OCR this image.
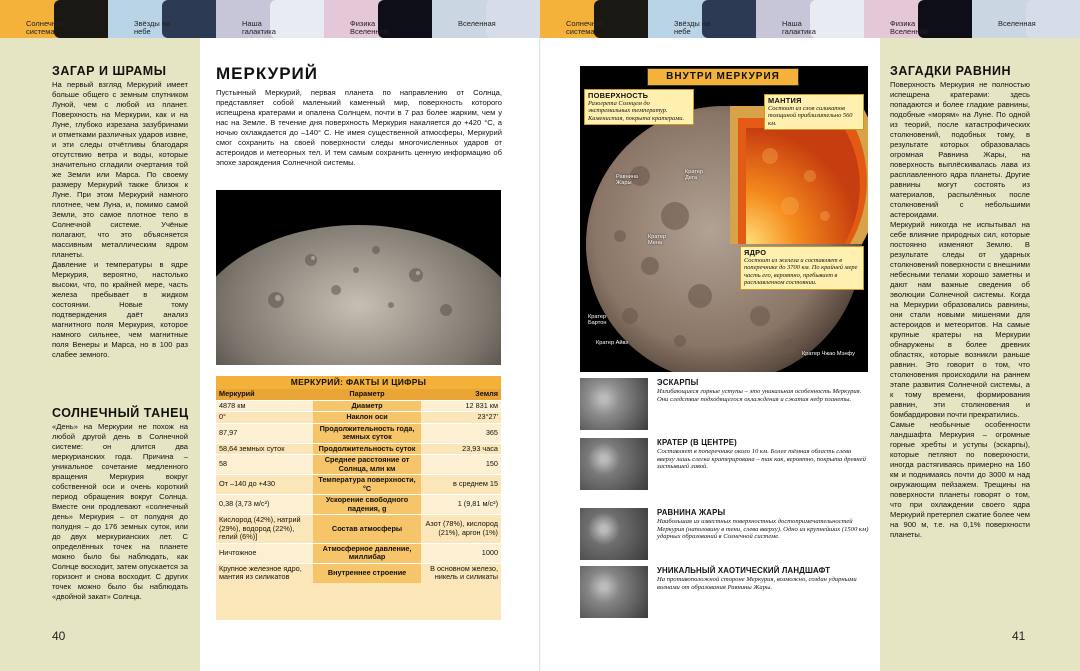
Солнечная система
Звёзды на небе
Наша галактика
Физика Вселенной
Вселенная	Солнечная система
Звёзды на небе
Наша галактика
Физика Вселенной
Вселенная
ЗАГАР И ШРАМЫ

На первый взгляд Меркурий имеет больше общего с земным спутником Луной, чем с любой из планет. Поверхность на Меркурии, как и на Луне, глубоко изрезана зазубринами и отметками различных ударов извне, и эти следы отчётливы благодаря отсутствию ветра и воды, которые значительно сгладили очертания той же Земли или Марса. По своему размеру Меркурий также близок к Луне. При этом Меркурий намного плотнее, чем Луна, и, помимо самой Земли, это самое плотное тело в Солнечной системе. Учёные полагают, что это объясняется массивным металлическим ядром планеты.

Давление и температуры в ядре Меркурия, вероятно, настолько высоки, что, по крайней мере, часть железа пребывает в жидком состоянии. Новые тому подтверждения даёт анализ магнитного поля Меркурия, которое намного сильнее, чем магнитные поля Венеры и Марса, но в 100 раз слабее земного.

СОЛНЕЧНЫЙ ТАНЕЦ

«День» на Меркурии не похож на любой другой день в Солнечной системе: он длится два меркурианских года. Причина – уникальное сочетание медленного вращения Меркурия вокруг собственной оси и очень короткий период обращения вокруг Солнца. Вместе они продлевают «солнечный день» Меркурия – от полудня до полудня – до 176 земных суток, или до двух меркурианских лет. С определённых точек на планете можно было бы наблюдать, как Солнце восходит, затем опускается за горизонт и снова восходит. С других точек можно было бы наблюдать «двойной закат» Солнца.

40
МЕРКУРИЙ
Пустынный Меркурий, первая планета по направлению от Солнца, представляет собой маленький каменный мир, поверхность которого испещрена кратерами и опалена Солнцем, почти в 7 раз более жарким, чем у нас на Земле. В течение дня поверхность Меркурия накаляется до +420 °C, а ночью охлаждается до –140° C. Не имея существенной атмосферы, Меркурий смог сохранить на своей поверхности следы многочисленных ударов от астероидов и метеорных тел. И тем самым сохранить ценную информацию об эпохе зарождения Солнечной системы.
МЕРКУРИЙ: ФАКТЫ И ЦИФРЫ
Меркурий	Параметр	Земля
4878 км	Диаметр	12 831 км
0°	Наклон оси	23°27'
87,97	Продолжительность года, земных суток	365
58,64 земных суток	Продолжительность суток	23,93 часа
58	Среднее расстояние от Солнца, млн км	150
От –140 до +430	Температура поверхности, °С	в среднем 15
0,38 (3,73 м/с²)	Ускорение свободного падения, g	1 (9,81 м/с²)
Кислород (42%), натрий (29%), водород (22%), гелий (6%)]	Состав атмосферы	Азот (78%), кислород (21%), аргон (1%)
Ничтожное	Атмосферное давление, миллибар	1000
Крупное железное ядро, мантия из силикатов	Внутреннее строение	В основном железо, никель и силикаты
ПОВЕРХНОСТЬ
Разогрета Солнцем до экстремальных температур. Каменистая, покрыта кратерами.
МАНТИЯ
Состоит из слоя силикатов толщиной приблизительно 560 км.
ЯДРО
Состоит из железа и составляет в поперечнике до 3700 км. По крайней мере часть его, вероятно, пребывает в расплавленном состоянии.
Равнина Жары
Кратер Дега
Кратер Мена
Кратер Бартон
Кратер Айвз
Кратер Чжао Мэнфу
ВНУТРИ МЕРКУРИЯ
ЭСКАРПЫ
Изгибающиеся горные уступы – это уникальная особенность Меркурия. Они следствие подходящегося охлаждения и сжатия недр планеты.
КРАТЕР (В ЦЕНТРЕ)
Составляет в поперечнике около 10 км. Более тёмная область слева вверху лишь слегка кратерирована – так как, вероятно, покрыта древней застывшей лавой.
РАВНИНА ЖАРЫ
Наибольшая из известных поверхностных достопримечательностей Меркурия (наполовину в тени, слева вверху). Одно из крупнейших (1500 км) ударных образований в Солнечной системе.
УНИКАЛЬНЫЙ ХАОТИЧЕСКИЙ ЛАНДШАФТ
На противоположной стороне Меркурия, возможно, создан ударными волнами от образования Равнины Жары.
ЗАГАДКИ РАВНИН

Поверхность Меркурия не полностью испещрена кратерами: здесь попадаются и более гладкие равнины, подобные «морям» на Луне. По одной из теорий, после катастрофических столкновений, подобных тому, в результате которых образовалась огромная Равнина Жары, на поверхность выплёскивалась лава из расплавленного ядра планеты. Другие равнины могут состоять из материалов, распылённых после столкновений с небольшими астероидами.

Меркурий никогда не испытывал на себе влияние природных сил, которые постоянно изменяют Землю. В результате следы от ударных столкновений поверхности с внешними небесными телами хорошо заметны и дают нам важные сведения об эволюции Солнечной системы. Когда на Меркурии образовались равнины, они стали новыми мишенями для астероидов и метеоритов. На самые крупные кратеры на Меркурии обнаружены в более древних областях, которые возникли раньше равнин. Это говорит о том, что столкновения происходили на раннем этапе развития Солнечной системы, а к тому времени, формирования равнин, эти столкновения и бомбардировки почти прекратились.

Самые необычные особенности ландшафта Меркурия – огромные горные хребты и уступы (эскарпы), которые петляют по поверхности, иногда растягиваясь примерно на 160 км и поднимаясь почти до 3000 м над окружающим пейзажем. Трещины на поверхности планеты говорят о том, что при охлаждении своего ядра Меркурий претерпел сжатие более чем на 900 м, т.е. на 0,1% поверхности планеты.

41
